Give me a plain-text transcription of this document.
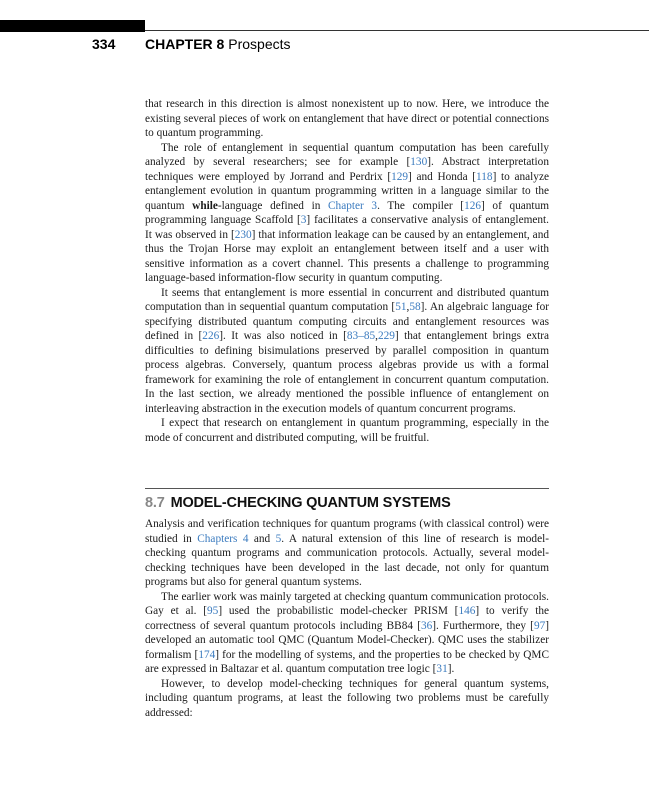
334 CHAPTER 8 Prospects

that research in this direction is almost nonexistent up to now. Here, we introduce the existing several pieces of work on entanglement that have direct or potential connections to quantum programming.

The role of entanglement in sequential quantum computation has been carefully analyzed by several researchers; see for example [130]. Abstract interpretation techniques were employed by Jorrand and Perdrix [129] and Honda [118] to analyze entanglement evolution in quantum programming written in a language similar to the quantum while-language defined in Chapter 3. The compiler [126] of quantum programming language Scaffold [3] facilitates a conservative analysis of entanglement. It was observed in [230] that information leakage can be caused by an entanglement, and thus the Trojan Horse may exploit an entanglement between itself and a user with sensitive information as a covert channel. This presents a challenge to programming language-based information-flow security in quantum computing.

It seems that entanglement is more essential in concurrent and distributed quantum computation than in sequential quantum computation [51,58]. An algebraic language for specifying distributed quantum computing circuits and entanglement resources was defined in [226]. It was also noticed in [83–85,229] that entanglement brings extra difficulties to defining bisimulations preserved by parallel composition in quantum process algebras. Conversely, quantum process algebras provide us with a formal framework for examining the role of entanglement in concurrent quantum computation. In the last section, we already mentioned the possible influence of entanglement on interleaving abstraction in the execution models of quantum concurrent programs.

I expect that research on entanglement in quantum programming, especially in the mode of concurrent and distributed computing, will be fruitful.

8.7 MODEL-CHECKING QUANTUM SYSTEMS

Analysis and verification techniques for quantum programs (with classical control) were studied in Chapters 4 and 5. A natural extension of this line of research is model-checking quantum programs and communication protocols. Actually, several model-checking techniques have been developed in the last decade, not only for quantum programs but also for general quantum systems.

The earlier work was mainly targeted at checking quantum communication protocols. Gay et al. [95] used the probabilistic model-checker PRISM [146] to verify the correctness of several quantum protocols including BB84 [36]. Furthermore, they [97] developed an automatic tool QMC (Quantum Model-Checker). QMC uses the stabilizer formalism [174] for the modelling of systems, and the properties to be checked by QMC are expressed in Baltazar et al. quantum computation tree logic [31].

However, to develop model-checking techniques for general quantum systems, including quantum programs, at least the following two problems must be carefully addressed:
